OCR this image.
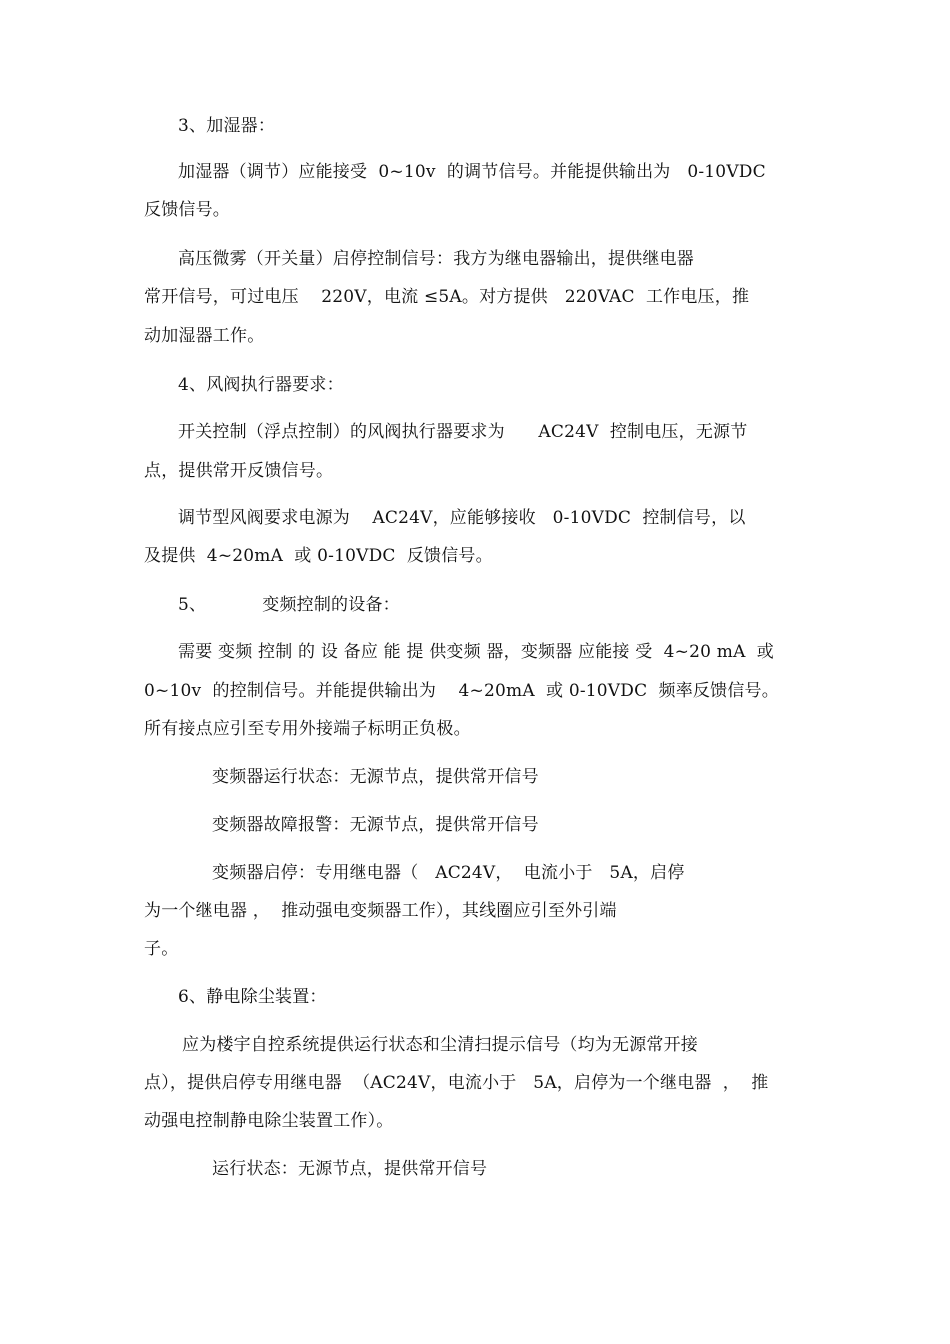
3、加湿器：
加湿器（调节）应能接受  0~10v  的调节信号。并能提供输出为   0-10VDC
反馈信号。
高压微雾（开关量）启停控制信号：我方为继电器输出，提供继电器
常开信号，可过电压    220V，电流 ≤5A。对方提供   220VAC  工作电压，推
动加湿器工作。
4、风阀执行器要求：
开关控制（浮点控制）的风阀执行器要求为      AC24V  控制电压，无源节
点，提供常开反馈信号。
调节型风阀要求电源为    AC24V，应能够接收   0-10VDC  控制信号，以
及提供  4~20mA  或 0-10VDC  反馈信号。
5、          变频控制的设备：
需要 变频 控制 的 设 备应 能 提 供变频 器，变频器 应能接 受  4~20 mA  或
0~10v  的控制信号。并能提供输出为    4~20mA  或 0-10VDC  频率反馈信号。
所有接点应引至专用外接端子标明正负极。
变频器运行状态：无源节点，提供常开信号
变频器故障报警：无源节点，提供常开信号
变频器启停：专用继电器（   AC24V，  电流小于   5A，启停
为一个继电器 ，  推动强电变频器工作），其线圈应引至外引端
子。
6、静电除尘装置：
应为楼宇自控系统提供运行状态和尘清扫提示信号（均为无源常开接
点），提供启停专用继电器  （AC24V，电流小于   5A，启停为一个继电器  ，  推
动强电控制静电除尘装置工作）。
运行状态：无源节点，提供常开信号
